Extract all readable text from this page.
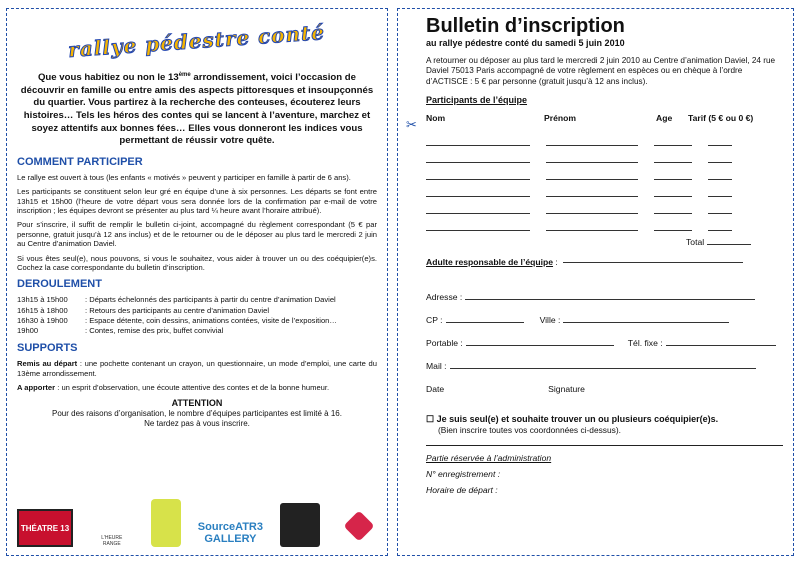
rallye pédestre conté

Que vous habitiez ou non le 13ème arrondissement, voici l’occasion de découvrir en famille ou entre amis des aspects pittoresques et insoupçonnés du quartier. Vous partirez à la recherche des conteuses, écouterez leurs histoires… Tels les héros des contes qui se lancent à l’aventure, marchez et soyez attentifs aux bonnes fées… Elles vous donneront les indices vous permettant de réussir votre quête.

COMMENT PARTICIPER

Le rallye est ouvert à tous (les enfants « motivés » peuvent y participer en famille à partir de 6 ans).

Les participants se constituent selon leur gré en équipe d’une à six personnes. Les départs se font entre 13h15 et 15h00 (l’heure de votre départ vous sera donnée lors de la confirmation par e-mail de votre inscription ; les équipes devront se présenter au plus tard ¼ heure avant l’horaire attribué).

Pour s’inscrire, il suffit de remplir le bulletin ci-joint, accompagné du règlement correspondant (5 € par personne, gratuit jusqu’à 12 ans inclus) et de le retourner ou de le déposer au plus tard le mercredi 2 juin au Centre d’animation Daviel.

Si vous êtes seul(e), nous pouvons, si vous le souhaitez, vous aider à trouver un ou des coéquipier(e)s. Cochez la case correspondante du bulletin d’inscription.

DEROULEMENT
13h15 à 15h00	: Départs échelonnés des participants à partir du centre d’animation Daviel
16h15 à 18h00	: Retours des participants au centre d’animation Daviel
16h30 à 19h00	: Espace détente, coin dessins, animations contées, visite de l’exposition…
19h00	: Contes, remise des prix, buffet convivial
SUPPORTS

Remis au départ : une pochette contenant un crayon, un questionnaire, un mode d’emploi, une carte du 13ème arrondissement.

A apporter : un esprit d’observation, une écoute attentive des contes et de la bonne humeur.

ATTENTION
Pour des raisons d’organisation, le nombre d’équipes participantes est limité à 16.
Ne tardez pas à vous inscrire.
THÉATRE 13
L’HEURE RANGE
SourceATR3 GALLERY
Bulletin d’inscription
au rallye pédestre conté du samedi 5 juin 2010

A retourner ou déposer au plus tard le mercredi 2 juin 2010 au Centre d’animation Daviel, 24 rue Daviel 75013 Paris accompagné de votre règlement en espèces ou en chèque à l’ordre d’ACTISCE : 5 € par personne (gratuit jusqu’à 12 ans inclus).

✂
Participants de l’équipe
Nom	Prénom	Age	Tarif (5 € ou 0 €)
Total
Adulte responsable de l’équipe :
Adresse :
CP :	Ville :
Portable :	Tél. fixe :
Mail :
Date	Signature
☐ Je suis seul(e) et souhaite trouver un ou plusieurs coéquipier(e)s.
(Bien inscrire toutes vos coordonnées ci-dessus).
Partie réservée à l’administration
N° enregistrement :
Horaire de départ :
